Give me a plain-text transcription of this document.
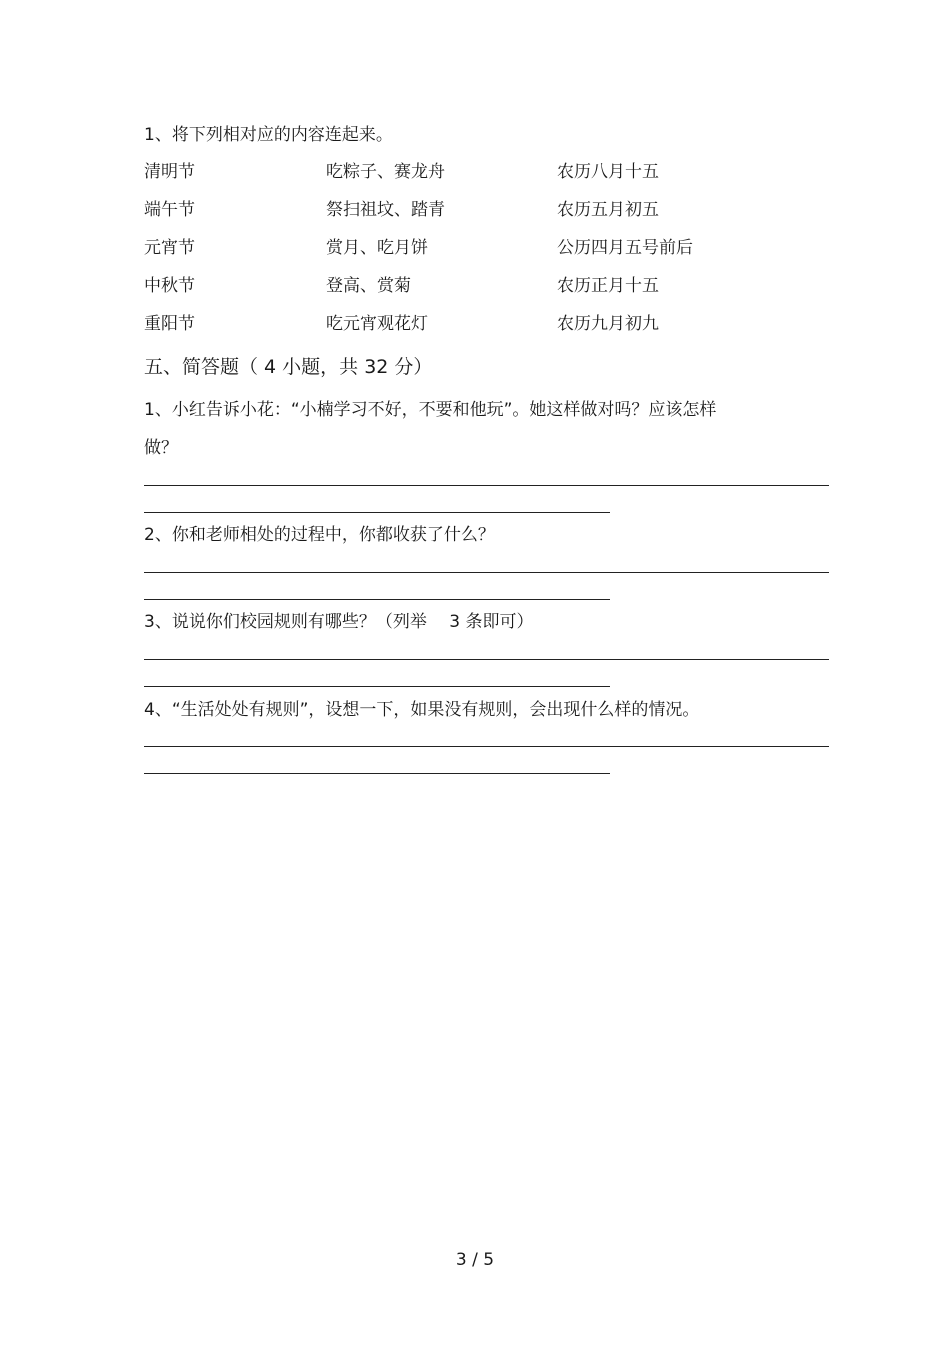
1、将下列相对应的内容连起来。
清明节	吃粽子、赛龙舟	农历八月十五
端午节	祭扫祖坟、踏青	农历五月初五
元宵节	赏月、吃月饼	公历四月五号前后
中秋节	登高、赏菊	农历正月十五
重阳节	吃元宵观花灯	农历九月初九
五、简答题（ 4 小题，共 32 分）
1、小红告诉小花：“小楠学习不好，不要和他玩”。她这样做对吗？应该怎样
做？
2、你和老师相处的过程中，你都收获了什么？
3、说说你们校园规则有哪些？（列举　 3 条即可）
4、“生活处处有规则”，设想一下，如果没有规则，会出现什么样的情况。
3 / 5
